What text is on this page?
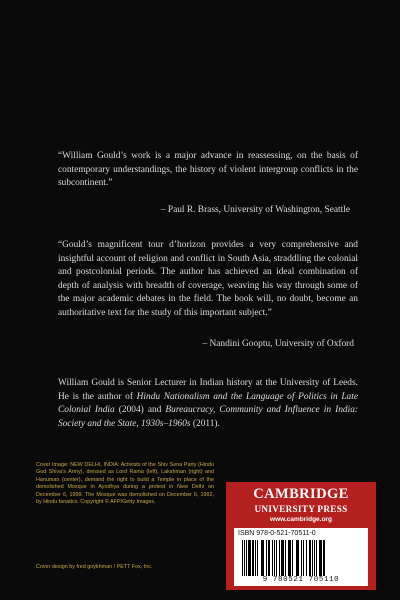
“William Gould’s work is a major advance in reassessing, on the basis of contemporary understandings, the history of violent intergroup conflicts in the subcontinent.”
– Paul R. Brass, University of Washington, Seattle
“Gould’s magnificent tour d’horizon provides a very comprehensive and insightful account of religion and conflict in South Asia, straddling the colonial and postcolonial periods. The author has achieved an ideal combination of depth of analysis with breadth of coverage, weaving his way through some of the major academic debates in the field. The book will, no doubt, become an authoritative text for the study of this important subject.”
– Nandini Gooptu, University of Oxford
William Gould is Senior Lecturer in Indian history at the University of Leeds. He is the author of Hindu Nationalism and the Language of Politics in Late Colonial India (2004) and Bureaucracy, Community and Influence in India: Society and the State, 1930s–1960s (2011).
Cover Image: NEW DELHI, INDIA: Activists of the Shiv Sena Party (Hindu God Shiva’s Army), dressed as Lord Rama (left), Lakshman (right) and Hanuman (center), demand the right to build a Temple in place of the demolished Mosque in Ayodhya during a protest in New Delhi on December 6, 1999. The Mosque was demolished on December 6, 1992, by Hindu fanatics. Copyright © AFP/Getty Images.
Cover design by fred goykhman / PETT Fox, Inc.
CAMBRIDGE
UNIVERSITY PRESS
www.cambridge.org
ISBN 978-0-521-70511-0
9 780521 705110
